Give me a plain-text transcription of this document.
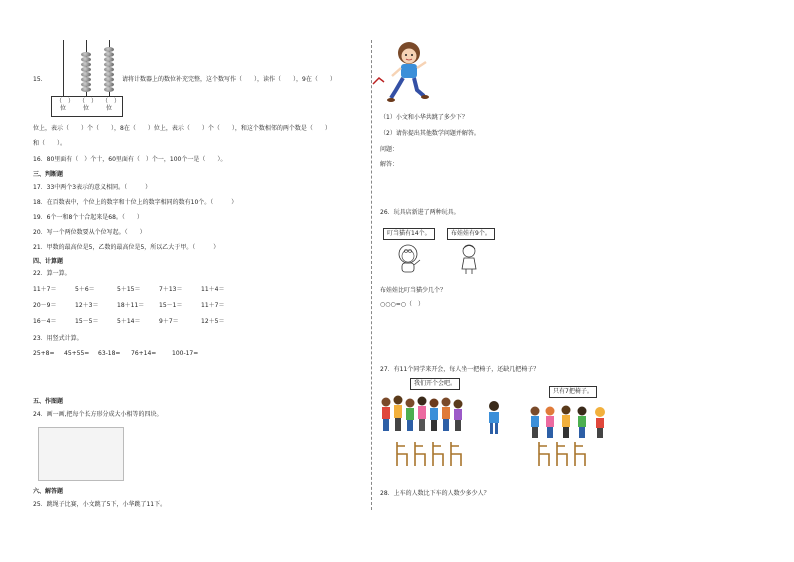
（　）位
（　）位
（　）位
15.	请将计数器上的数位补充完整，这个数写作（　　），读作（　　），9在（　　）
位上，表示（　　）个（　　），8在（　　）位上，表示（　　）个（　　），和这个数相邻的两个数是（　　）
和（　　）。
16．80里面有（　）个十，60里面有（　）个一，100个一是（　　）。
三、判断题
17．33中两个3表示的意义相同。（　　　）
18．在百数表中，个位上的数字和十位上的数字相同的数有10个。（　　　）
19．6个一和8个十合起来是68。（　　）
20．写一个两位数要从个位写起。（　　）
21．甲数的最高位是5，乙数的最高位是5，所以乙大于甲。（　　　）
四、计算题
22．算一算。
11＋7＝	5＋6＝	5＋15＝	7＋13＝	11＋4＝
20－9＝	12＋3＝	18＋11＝ 15－1＝	11＋7＝
16－4＝	15－5＝	5＋14＝	9＋7＝	12＋5＝
23．用竖式计算。
25+8= 45+55= 63-18= 76+14=	100-17=
五、作图题
24．画一画,把每个长方形分成大小相等的四块。
六、解答题
25．跳绳子比赛，小文跳了5下，小华跳了11下。
（1）小文和小华共跳了多少下？
（2）请你提出其他数学问题并解答。
问题：
解答：
26．玩具店新进了两种玩具。
叮当猫有14个。	布娃娃有9个。
布娃娃比叮当猫少几个？
○○○=○（　）
27．有11个同学来开会，每人坐一把椅子，还缺几把椅子？
我们开个会吧。
只有7把椅子。
28．上车的人数比下车的人数少多少人？
